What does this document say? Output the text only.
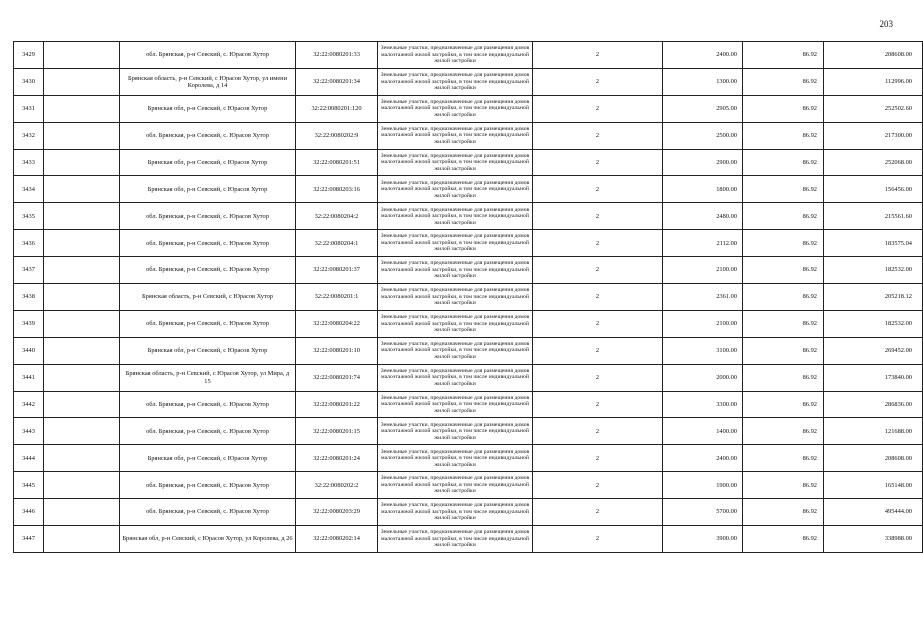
203
3429		обл. Брянская, р-н Севский, с. Юрасов Хутор	32:22:0080201:33	Земельные участки, предназначенные для размещения домов малоэтажной жилой застройки, в том числе индивидуальной жилой застройки	2	2400.00	86.92	208608.00
3430		Брянская область, р-н Севский, с Юрасов Хутор, ул имени Королева, д 14	32:22:0080201:34	Земельные участки, предназначенные для размещения домов малоэтажной жилой застройки, в том числе индивидуальной жилой застройки	2	1300.00	86.92	112996.00
3431		Брянская обл, р-н Севский, с Юрасов Хутор	32:22:0080201:120	Земельные участки, предназначенные для размещения домов малоэтажной жилой застройки, в том числе индивидуальной жилой застройки	2	2905.00	86.92	252502.60
3432		обл. Брянская, р-н Севский, с. Юрасов Хутор	32:22:0080202:9	Земельные участки, предназначенные для размещения домов малоэтажной жилой застройки, в том числе индивидуальной жилой застройки	2	2500.00	86.92	217300.00
3433		Брянская обл, р-н Севский, с Юрасов Хутор	32:22:0080201:51	Земельные участки, предназначенные для размещения домов малоэтажной жилой застройки, в том числе индивидуальной жилой застройки	2	2900.00	86.92	252068.00
3434		Брянская обл, р-н Севский, с Юрасов Хутор	32:22:0080203:16	Земельные участки, предназначенные для размещения домов малоэтажной жилой застройки, в том числе индивидуальной жилой застройки	2	1800.00	86.92	156456.00
3435		обл. Брянская, р-н Севский, с. Юрасов Хутор	32:22:0080204:2	Земельные участки, предназначенные для размещения домов малоэтажной жилой застройки, в том числе индивидуальной жилой застройки	2	2480.00	86.92	215561.60
3436		обл. Брянская, р-н Севский, с. Юрасов Хутор	32:22:0080204:1	Земельные участки, предназначенные для размещения домов малоэтажной жилой застройки, в том числе индивидуальной жилой застройки	2	2112.00	86.92	183575.04
3437		обл. Брянская, р-н Севский, с. Юрасов Хутор	32:22:0080201:37	Земельные участки, предназначенные для размещения домов малоэтажной жилой застройки, в том числе индивидуальной жилой застройки	2	2100.00	86.92	182532.00
3438		Брянская область, р-н Севский, с Юрасов Хутор	32:22:0080201:1	Земельные участки, предназначенные для размещения домов малоэтажной жилой застройки, в том числе индивидуальной жилой застройки	2	2361.00	86.92	205218.12
3439		обл. Брянская, р-н Севский, с. Юрасов Хутор	32:22:0080204:22	Земельные участки, предназначенные для размещения домов малоэтажной жилой застройки, в том числе индивидуальной жилой застройки	2	2100.00	86.92	182532.00
3440		Брянская обл, р-н Севский, с Юрасов Хутор	32:22:0080201:10	Земельные участки, предназначенные для размещения домов малоэтажной жилой застройки, в том числе индивидуальной жилой застройки	2	3100.00	86.92	269452.00
3441		Брянская область, р-н Севский, с Юрасов Хутор, ул Мира, д 15	32:22:0080201:74	Земельные участки, предназначенные для размещения домов малоэтажной жилой застройки, в том числе индивидуальной жилой застройки	2	2000.00	86.92	173840.00
3442		обл. Брянская, р-н Севский, с. Юрасов Хутор	32:22:0080201:22	Земельные участки, предназначенные для размещения домов малоэтажной жилой застройки, в том числе индивидуальной жилой застройки	2	3300.00	86.92	286836.00
3443		обл. Брянская, р-н Севский, с. Юрасов Хутор	32:22:0080201:15	Земельные участки, предназначенные для размещения домов малоэтажной жилой застройки, в том числе индивидуальной жилой застройки	2	1400.00	86.92	121688.00
3444		Брянская обл, р-н Севский, с Юрасов Хутор	32:22:0080201:24	Земельные участки, предназначенные для размещения домов малоэтажной жилой застройки, в том числе индивидуальной жилой застройки	2	2400.00	86.92	208608.00
3445		обл. Брянская, р-н Севский, с. Юрасов Хутор	32:22:0080202:2	Земельные участки, предназначенные для размещения домов малоэтажной жилой застройки, в том числе индивидуальной жилой застройки	2	1900.00	86.92	165148.00
3446		обл. Брянская, р-н Севский, с. Юрасов Хутор	32:22:0080203:29	Земельные участки, предназначенные для размещения домов малоэтажной жилой застройки, в том числе индивидуальной жилой застройки	2	5700.00	86.92	495444.00
3447		Брянская обл, р-н Севский, с Юрасов Хутор, ул Королева, д 26	32:22:0080202:14	Земельные участки, предназначенные для размещения домов малоэтажной жилой застройки, в том числе индивидуальной жилой застройки	2	3900.00	86.92	338988.00
